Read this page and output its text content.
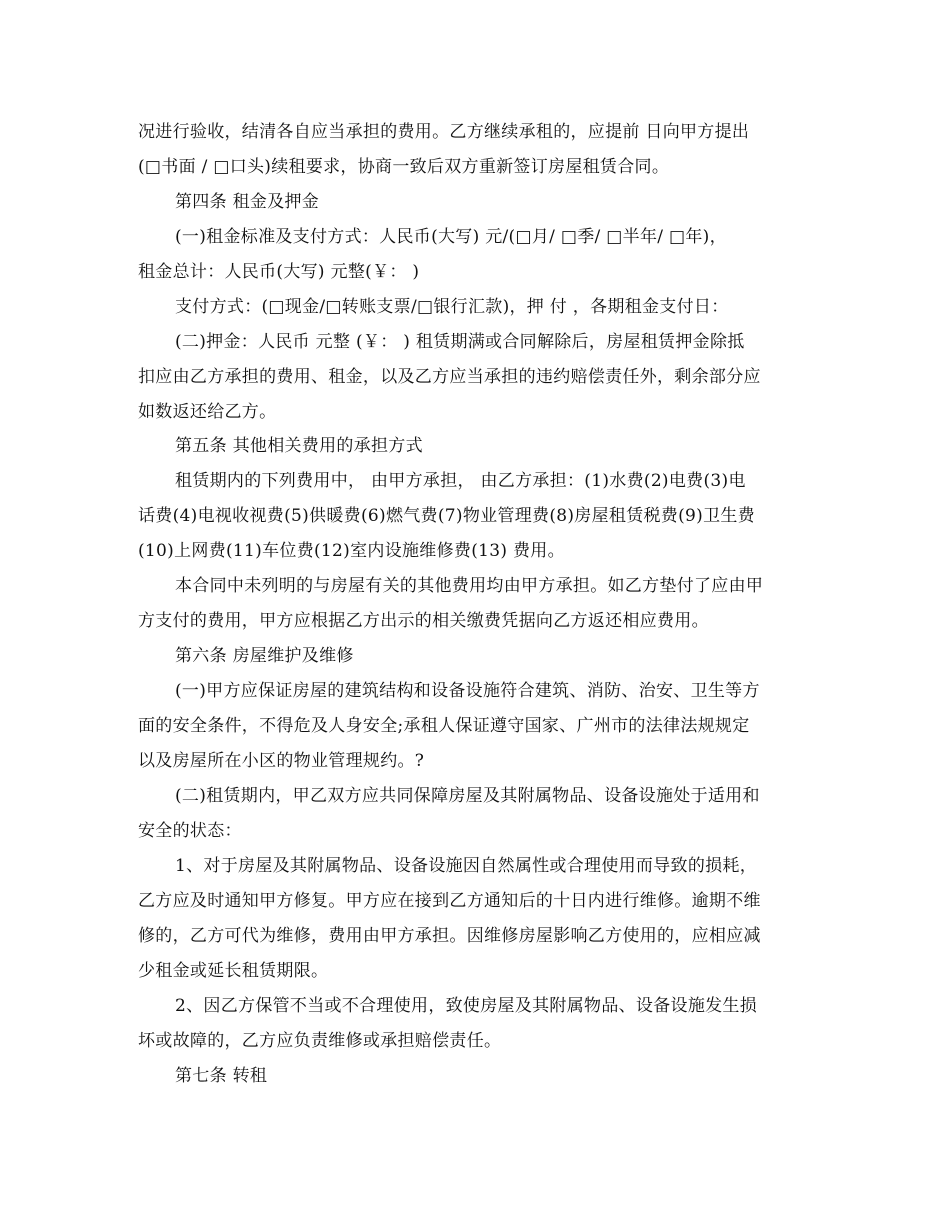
况进行验收，结清各自应当承担的费用。乙方继续承租的，应提前 日向甲方提出
(□书面 / □口头)续租要求，协商一致后双方重新签订房屋租赁合同。
第四条 租金及押金
(一)租金标准及支付方式：人民币(大写) 元/(□月/ □季/ □半年/ □年)，
租金总计：人民币(大写) 元整(￥： )
支付方式：(□现金/□转账支票/□银行汇款)，押 付 ，各期租金支付日：
(二)押金：人民币 元整 (￥： ) 租赁期满或合同解除后，房屋租赁押金除抵
扣应由乙方承担的费用、租金，以及乙方应当承担的违约赔偿责任外，剩余部分应
如数返还给乙方。
第五条 其他相关费用的承担方式
租赁期内的下列费用中， 由甲方承担， 由乙方承担：(1)水费(2)电费(3)电
话费(4)电视收视费(5)供暖费(6)燃气费(7)物业管理费(8)房屋租赁税费(9)卫生费
(10)上网费(11)车位费(12)室内设施维修费(13) 费用。
本合同中未列明的与房屋有关的其他费用均由甲方承担。如乙方垫付了应由甲
方支付的费用，甲方应根据乙方出示的相关缴费凭据向乙方返还相应费用。
第六条 房屋维护及维修
(一)甲方应保证房屋的建筑结构和设备设施符合建筑、消防、治安、卫生等方
面的安全条件，不得危及人身安全;承租人保证遵守国家、广州市的法律法规规定
以及房屋所在小区的物业管理规约。?
(二)租赁期内，甲乙双方应共同保障房屋及其附属物品、设备设施处于适用和
安全的状态：
1、对于房屋及其附属物品、设备设施因自然属性或合理使用而导致的损耗，
乙方应及时通知甲方修复。甲方应在接到乙方通知后的十日内进行维修。逾期不维
修的，乙方可代为维修，费用由甲方承担。因维修房屋影响乙方使用的，应相应减
少租金或延长租赁期限。
2、因乙方保管不当或不合理使用，致使房屋及其附属物品、设备设施发生损
坏或故障的，乙方应负责维修或承担赔偿责任。
第七条 转租
